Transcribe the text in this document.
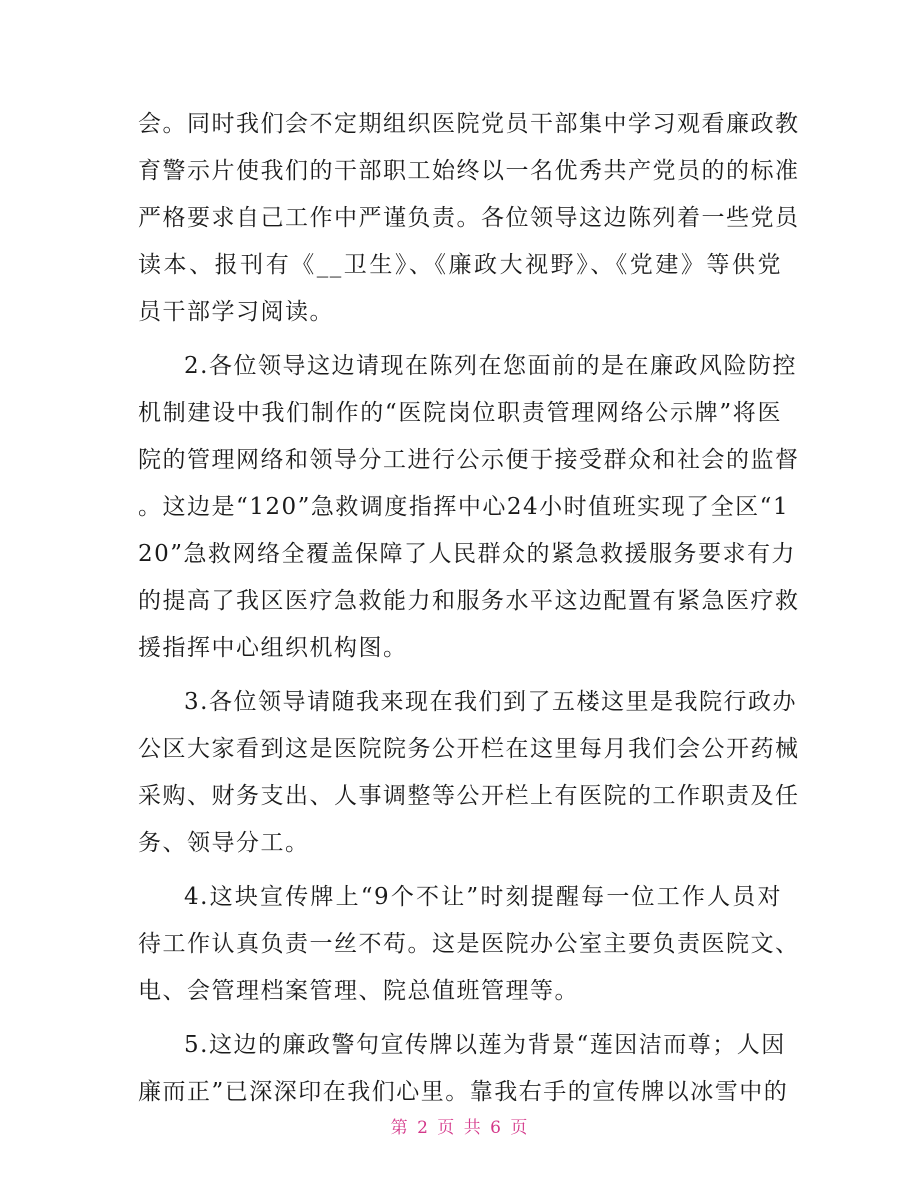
会。同时我们会不定期组织医院党员干部集中学习观看廉政教
育警示片使我们的干部职工始终以一名优秀共产党员的的标准
严格要求自己工作中严谨负责。各位领导这边陈列着一些党员
读本、报刊有《__卫生》、《廉政大视野》、《党建》等供党
员干部学习阅读。
2.各位领导这边请现在陈列在您面前的是在廉政风险防控
机制建设中我们制作的“医院岗位职责管理网络公示牌”将医
院的管理网络和领导分工进行公示便于接受群众和社会的监督
。这边是“120”急救调度指挥中心24小时值班实现了全区“1
20”急救网络全覆盖保障了人民群众的紧急救援服务要求有力
的提高了我区医疗急救能力和服务水平这边配置有紧急医疗救
援指挥中心组织机构图。
3.各位领导请随我来现在我们到了五楼这里是我院行政办
公区大家看到这是医院院务公开栏在这里每月我们会公开药械
采购、财务支出、人事调整等公开栏上有医院的工作职责及任
务、领导分工。
4.这块宣传牌上“9个不让”时刻提醒每一位工作人员对
待工作认真负责一丝不苟。这是医院办公室主要负责医院文、
电、会管理档案管理、院总值班管理等。
5.这边的廉政警句宣传牌以莲为背景“莲因洁而尊；人因
廉而正”已深深印在我们心里。靠我右手的宣传牌以冰雪中的
第 2 页 共 6 页
